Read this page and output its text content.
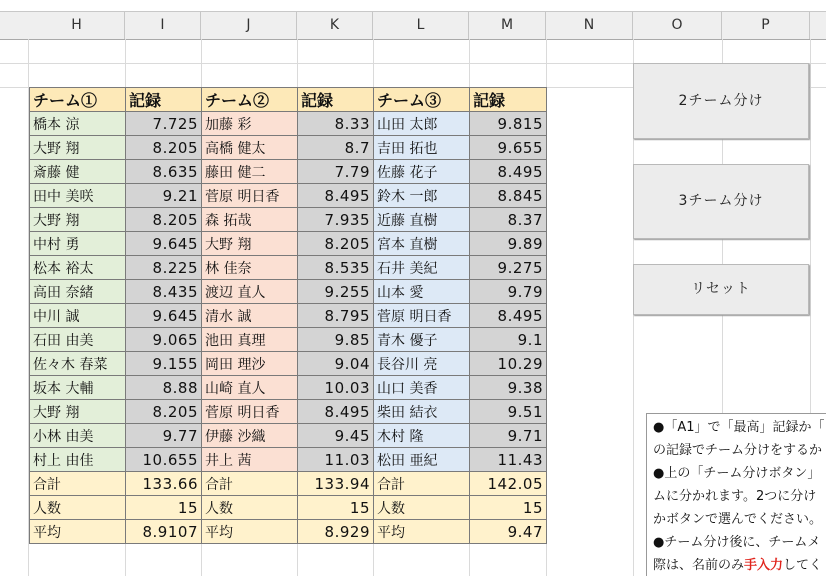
H	I	J	K	L	M	N	O	P
チーム①	記録	チーム②	記録	チーム③	記録
橋本 涼	7.725	加藤 彩	8.33	山田 太郎	9.815
大野 翔	8.205	高橋 健太	8.7	吉田 拓也	9.655
斎藤 健	8.635	藤田 健二	7.79	佐藤 花子	8.495
田中 美咲	9.21	菅原 明日香	8.495	鈴木 一郎	8.845
大野 翔	8.205	森 拓哉	7.935	近藤 直樹	8.37
中村 勇	9.645	大野 翔	8.205	宮本 直樹	9.89
松本 裕太	8.225	林 佳奈	8.535	石井 美紀	9.275
高田 奈緒	8.435	渡辺 直人	9.255	山本 愛	9.79
中川 誠	9.645	清水 誠	8.795	菅原 明日香	8.495
石田 由美	9.065	池田 真理	9.85	青木 優子	9.1
佐々木 春菜	9.155	岡田 理沙	9.04	長谷川 亮	10.29
坂本 大輔	8.88	山崎 直人	10.03	山口 美香	9.38
大野 翔	8.205	菅原 明日香	8.495	柴田 結衣	9.51
小林 由美	9.77	伊藤 沙織	9.45	木村 隆	9.71
村上 由佳	10.655	井上 茜	11.03	松田 亜紀	11.43
合計	133.66	合計	133.94	合計	142.05
人数	15	人数	15	人数	15
平均	8.9107	平均	8.929	平均	9.47
2チーム分け
3チーム分け
リセット
●「A1」で「最高」記録か「
の記録でチーム分けをするか
●上の「チーム分けボタン」
ムに分かれます。2つに分け
かボタンで選んでください。
●チーム分け後に、チームメ
際は、名前のみ手入力してく
